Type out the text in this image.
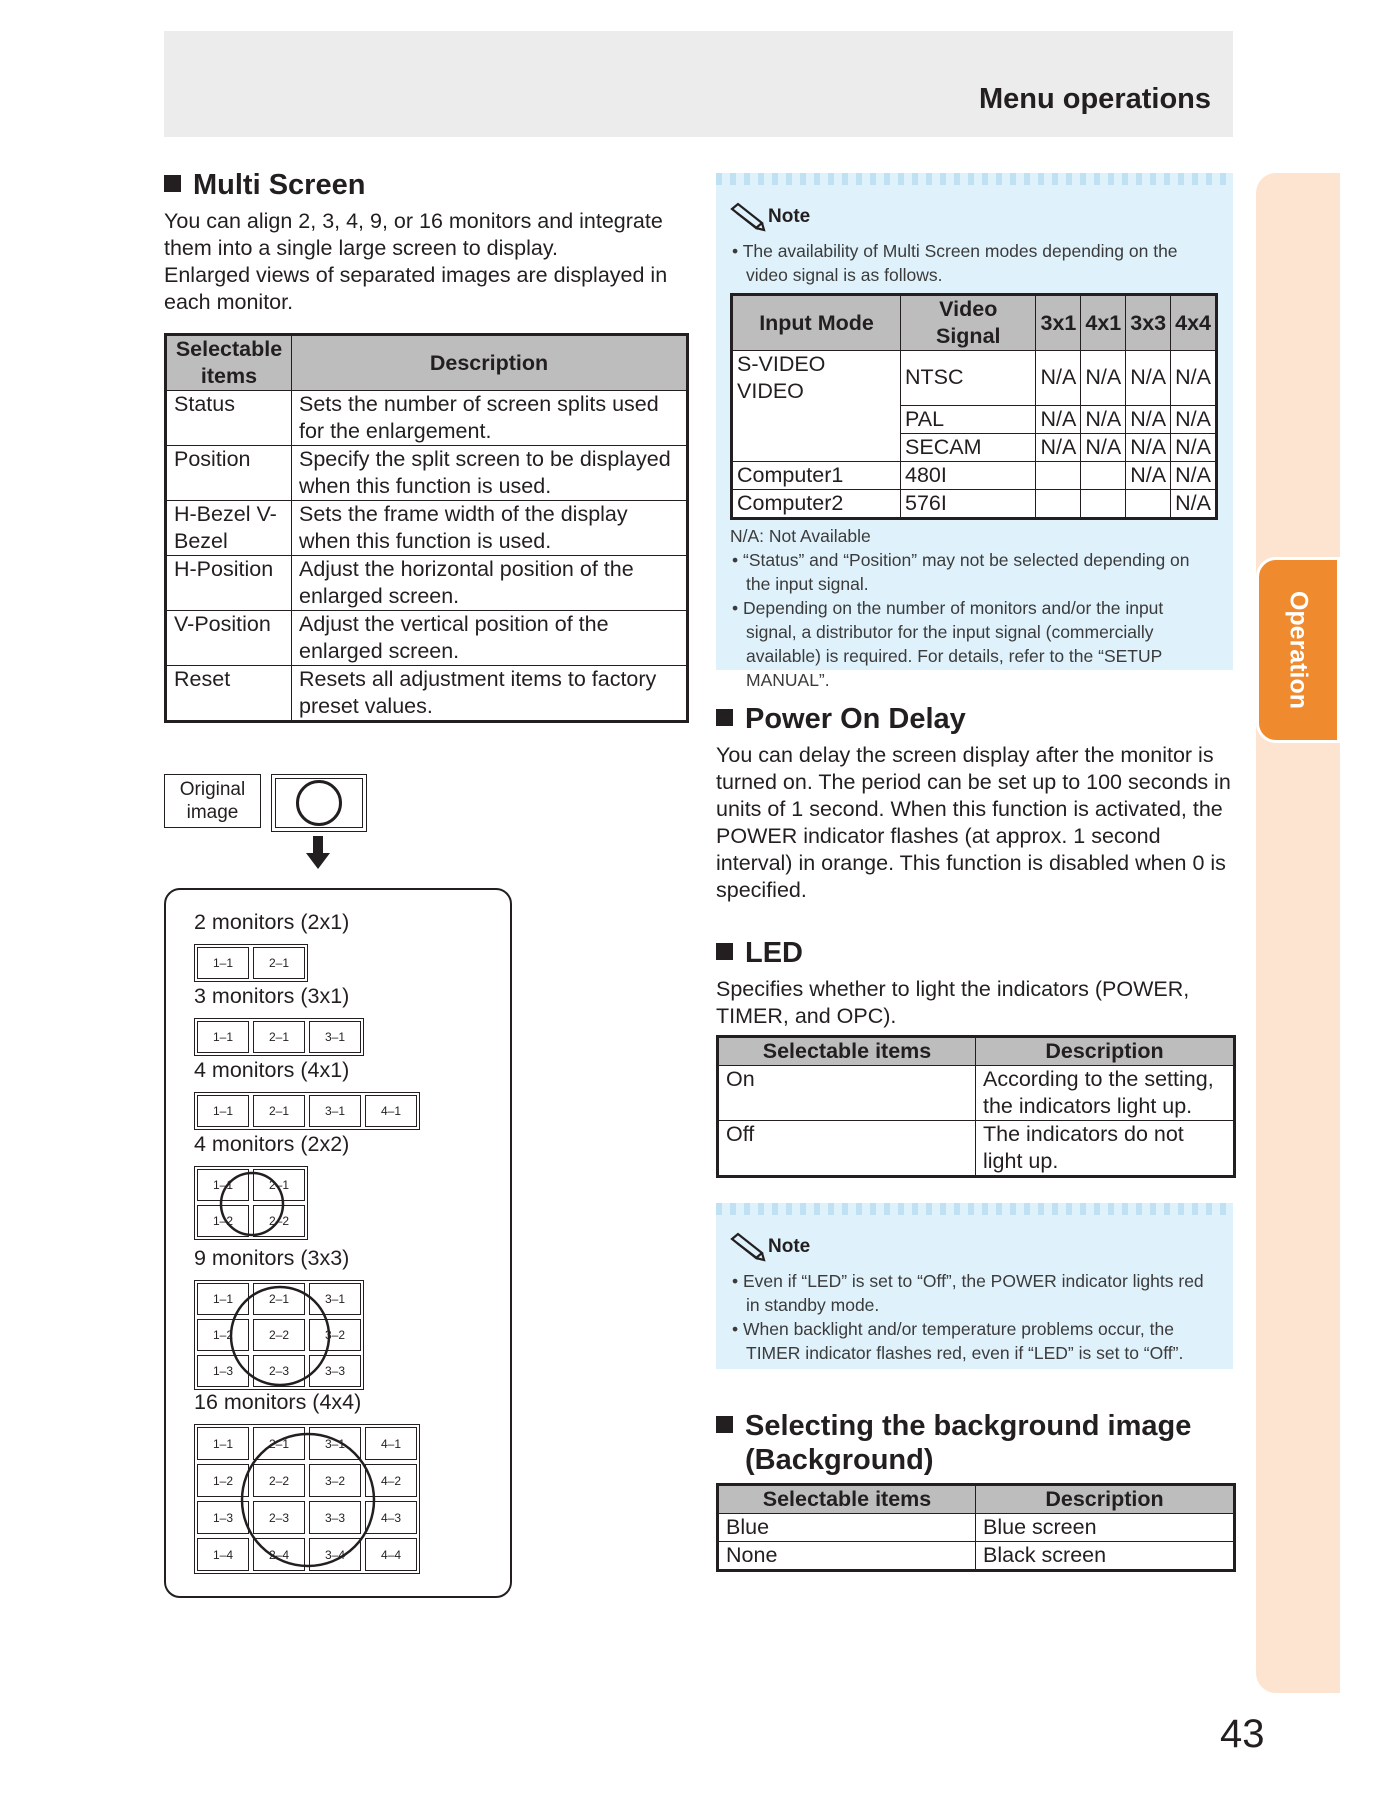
Menu operations
Operation
Multi Screen

You can align 2, 3, 4, 9, or 16 monitors and integrate them into a single large screen to display.

Enlarged views of separated images are displayed in each monitor.

Selectable items	Description
Status	Sets the number of screen splits used for the enlargement.
Position	Specify the split screen to be displayed when this function is used.
H-Bezel V-Bezel	Sets the frame width of the display when this function is used.
H-Position	Adjust the horizontal position of the enlarged screen.
V-Position	Adjust the vertical position of the enlarged screen.
Reset	Resets all adjustment items to factory preset values.
Original image
2 monitors (2x1)
1–1	2–1
3 monitors (3x1)
1–1	2–1	3–1
4 monitors (4x1)
1–1	2–1	3–1	4–1
4 monitors (2x2)
1–1	2–1
1–2	2–2
9 monitors (3x3)
1–1	2–1	3–1
1–2	2–2	3–2
1–3	2–3	3–3
16 monitors (4x4)
1–1	2–1	3–1	4–1
1–2	2–2	3–2	4–2
1–3	2–3	3–3	4–3
1–4	2–4	3–4	4–4
Note
• The availability of Multi Screen modes depending on the video signal is as follows.
Input Mode	Video Signal	3x1	4x1	3x3	4x4
S-VIDEO VIDEO	NTSC	N/A	N/A	N/A	N/A
	PAL	N/A	N/A	N/A	N/A
	SECAM	N/A	N/A	N/A	N/A
Computer1	480I			N/A	N/A
Computer2	576I				N/A
N/A: Not Available
• “Status” and “Position” may not be selected depending on the input signal.
• Depending on the number of monitors and/or the input signal, a distributor for the input signal (commercially available) is required. For details, refer to the “SETUP MANUAL”.
Power On Delay

You can delay the screen display after the monitor is turned on. The period can be set up to 100 seconds in units of 1 second. When this function is activated, the POWER indicator flashes (at approx. 1 second interval) in orange. This function is disabled when 0 is specified.

LED

Specifies whether to light the indicators (POWER, TIMER, and OPC).

Selectable items	Description
On	According to the setting, the indicators light up.
Off	The indicators do not light up.
Note
• Even if “LED” is set to “Off”, the POWER indicator lights red in standby mode.
• When backlight and/or temperature problems occur, the TIMER indicator flashes red, even if “LED” is set to “Off”.
Selecting the background image (Background)
Selectable items	Description
Blue	Blue screen
None	Black screen
43
